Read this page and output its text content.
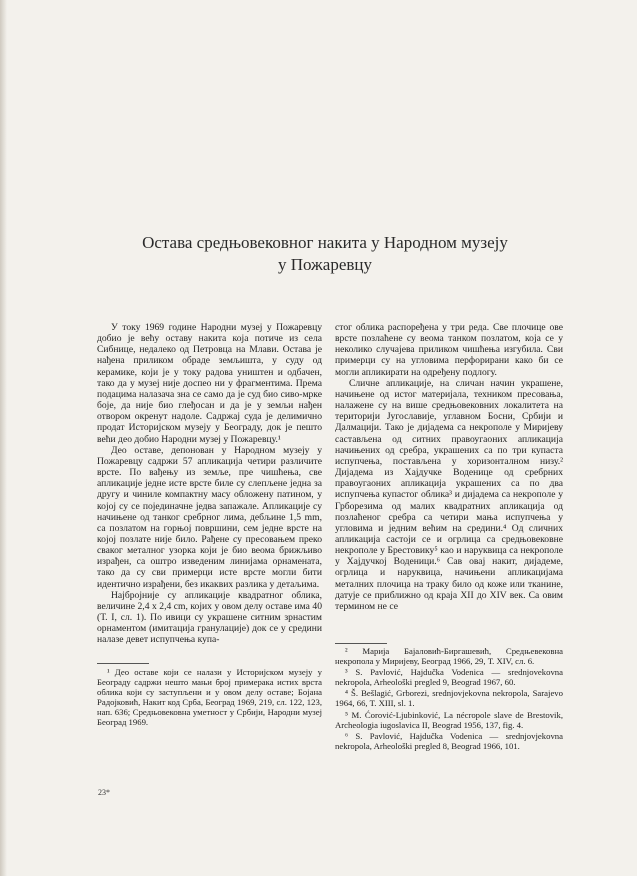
Остава средњовековног накита у Народном музеју
у Пожаревцу

У току 1969 године Народни музеј у Пожаревцу добио је већу оставу накита која потиче из села Сибнице, недалеко од Петровца на Млави. Остава је нађена приликом обраде земљишта, у суду од керамике, који је у току радова уништен и одбачен, тако да у музеј није доспео ни у фрагментима. Према подацима налазача зна се само да је суд био сиво-мрке боје, да није био глеђосан и да је у земљи нађен отвором окренут надоле. Садржај суда је делимично продат Историјском музеју у Београду, док је пешто већи део добио Народни музеј у Пожаревцу.¹

Део оставе, депонован у Народном музеју у Пожаревцу садржи 57 апликација четири различите врсте. По вађењу из земље, пре чишћења, све апликације једне исте врсте биле су слепљене једна за другу и чиниле компактну масу обложену патином, у којој су се појединачне једва запажале. Апликације су начињене од танког сребрног лима, дебљине 1,5 mm, са позлатом на горњој површини, сем једне врсте на којој позлате није било. Рађене су пресовањем преко сваког металног узорка који је био веома брижљиво израђен, са оштро изведеним линијама орнамената, тако да су сви примерци исте врсте могли бити идентично израђени, без икаквих разлика у детаљима.

Најбројније су апликације квадратног облика, величине 2,4 x 2,4 cm, којих у овом делу оставе има 40 (Т. I, сл. 1). По ивици су украшене ситним зрнастим орнаментом (имитација гранулације) док се у средини налазе девет испупчења купа-

стог облика распоређена у три реда. Све плочице ове врсте позлаћене су веома танком позлатом, која се у неколико случајева приликом чишћења изгубила. Сви примерци су на угловима перфорирани како би се могли апликирати на одређену подлогу.

Сличне апликације, на сличан начин украшене, начињене од истог материјала, техником пресовања, налажене су на више средњовековних локалитета на територији Југославије, углавном Босни, Србији и Далмацији. Тако је дијадема са некрополе у Миријеву састављена од ситних правоугаоних апликација начињених од сребра, украшених са по три купаста испупчења, постављена у хоризонталном низу.² Дијадема из Хајдучке Воденице од сребрних правоугаоних апликација украшених са по два испупчења купастог облика³ и дијадема са некрополе у Грборезима од малих квадратних апликација од позлаћеног сребра са четири мања испупчења у угловима и једним већим на средини.⁴ Од сличних апликација састоји се и огрлица са средњовековне некрополе у Брестовику⁵ као и наруквица са некрополе у Хајдучкој Воденици.⁶ Сав овај накит, дијадеме, огрлица и наруквица, начињени апликацијама металних плочица на траку било од коже или тканине, датује се приближно од краја XII до XIV век. Са овим термином не се

¹ Део оставе који се налази у Историјском музеју у Београду садржи нешто мањи број примерака истих врста облика који су заступљени и у овом делу оставе; Бојана Радојковић, Накит код Срба, Београд 1969, 219, сл. 122, 123, нап. 636; Средњовековна уметност у Србији, Народни музеј Београд 1969.

² Марија Бајаловић-Биргашевић, Средњевековна некропола у Миријеву, Београд 1966, 29, Т. XIV, сл. 6.

³ S. Pavlović, Hajdučka Vodenica — srednjovekovna nekropola, Arheološki pregled 9, Beograd 1967, 60.

⁴ Š. Bešlagić, Grborezi, srednjovjekovna nekropola, Sarajevo 1964, 66, T. XIII, sl. 1.

⁵ M. Ćorović-Ljubinković, La nécropole slave de Brestovik, Archeologia iugoslavica II, Beograd 1956, 137, fig. 4.

⁶ S. Pavlović, Hajdučka Vodenica — srednjovjekovna nekropola, Arheološki pregled 8, Beograd 1966, 101.

23*
